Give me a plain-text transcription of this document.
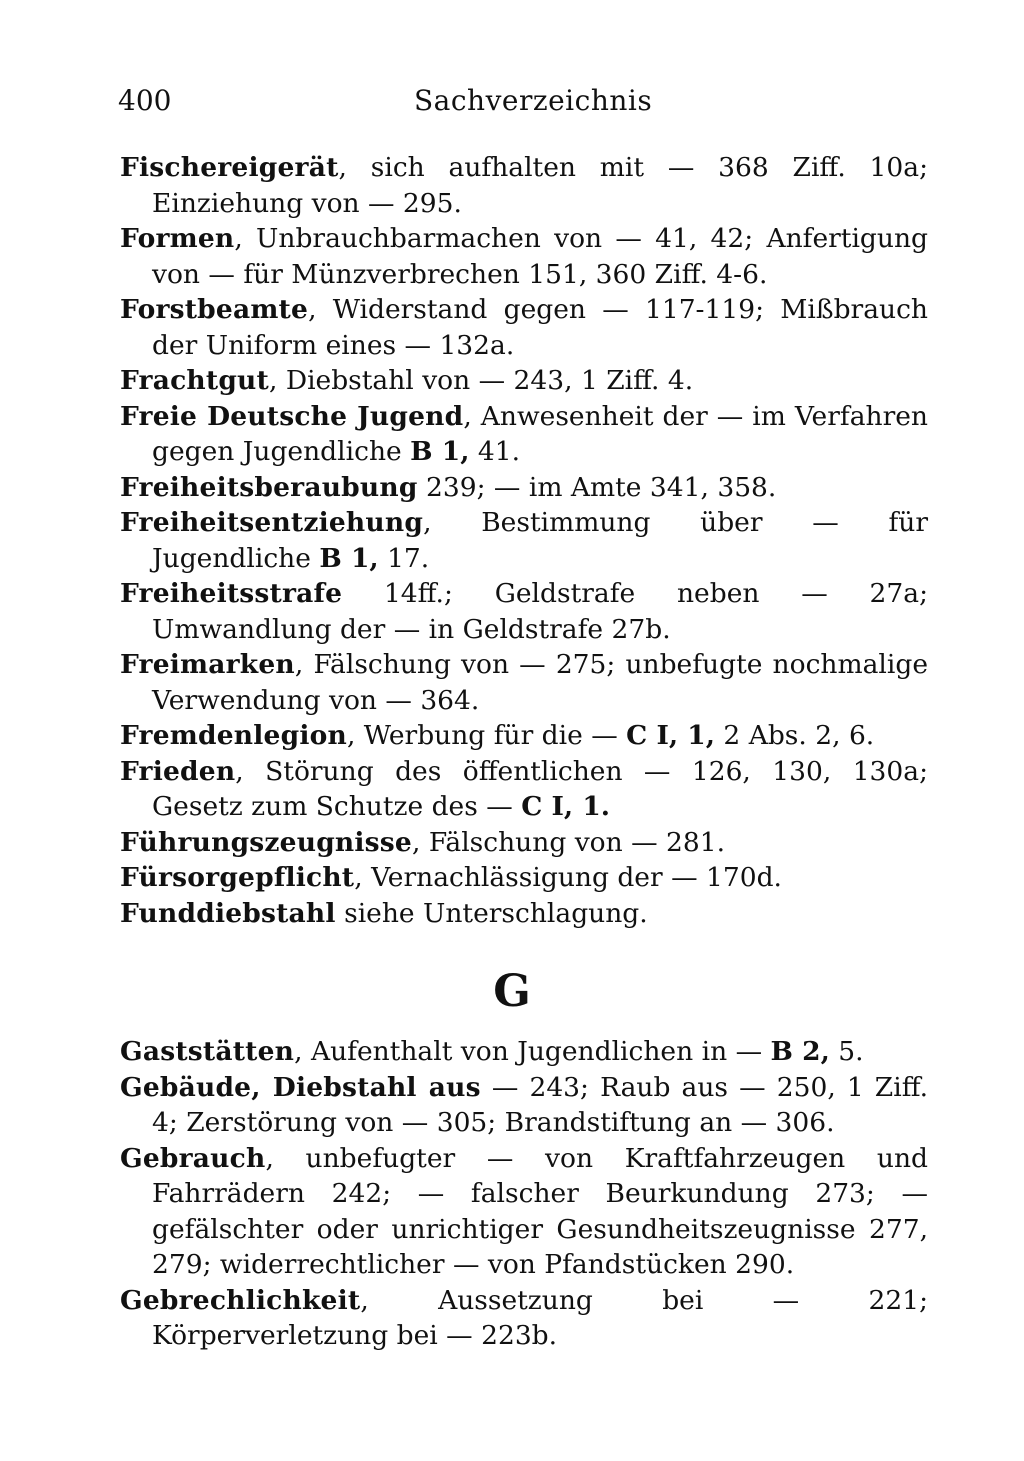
400	Sachverzeichnis

Fischereigerät, sich aufhalten mit — 368 Ziff. 10a; Einziehung von — 295.

Formen, Unbrauchbarmachen von — 41, 42; Anfertigung von — für Münzverbrechen 151, 360 Ziff. 4-6.

Forstbeamte, Widerstand gegen — 117-119; Mißbrauch der Uniform eines — 132a.

Frachtgut, Diebstahl von — 243, 1 Ziff. 4.

Freie Deutsche Jugend, Anwesenheit der — im Verfahren gegen Jugendliche B 1, 41.

Freiheitsberaubung 239; — im Amte 341, 358.

Freiheitsentziehung, Bestimmung über — für Jugendliche B 1, 17.

Freiheitsstrafe 14ff.; Geldstrafe neben — 27a; Umwandlung der — in Geldstrafe 27b.

Freimarken, Fälschung von — 275; unbefugte nochmalige Verwendung von — 364.

Fremdenlegion, Werbung für die — C I, 1, 2 Abs. 2, 6.

Frieden, Störung des öffentlichen — 126, 130, 130a; Gesetz zum Schutze des — C I, 1.

Führungszeugnisse, Fälschung von — 281.

Fürsorgepflicht, Vernachlässigung der — 170d.

Funddiebstahl siehe Unterschlagung.

G

Gaststätten, Aufenthalt von Jugendlichen in — B 2, 5.

Gebäude, Diebstahl aus — 243; Raub aus — 250, 1 Ziff. 4; Zerstörung von — 305; Brandstiftung an — 306.

Gebrauch, unbefugter — von Kraftfahrzeugen und Fahrrädern 242; — falscher Beurkundung 273; — gefälschter oder unrichtiger Gesundheitszeugnisse 277, 279; widerrechtlicher — von Pfandstücken 290.

Gebrechlichkeit, Aussetzung bei — 221; Körperverletzung bei — 223b.
